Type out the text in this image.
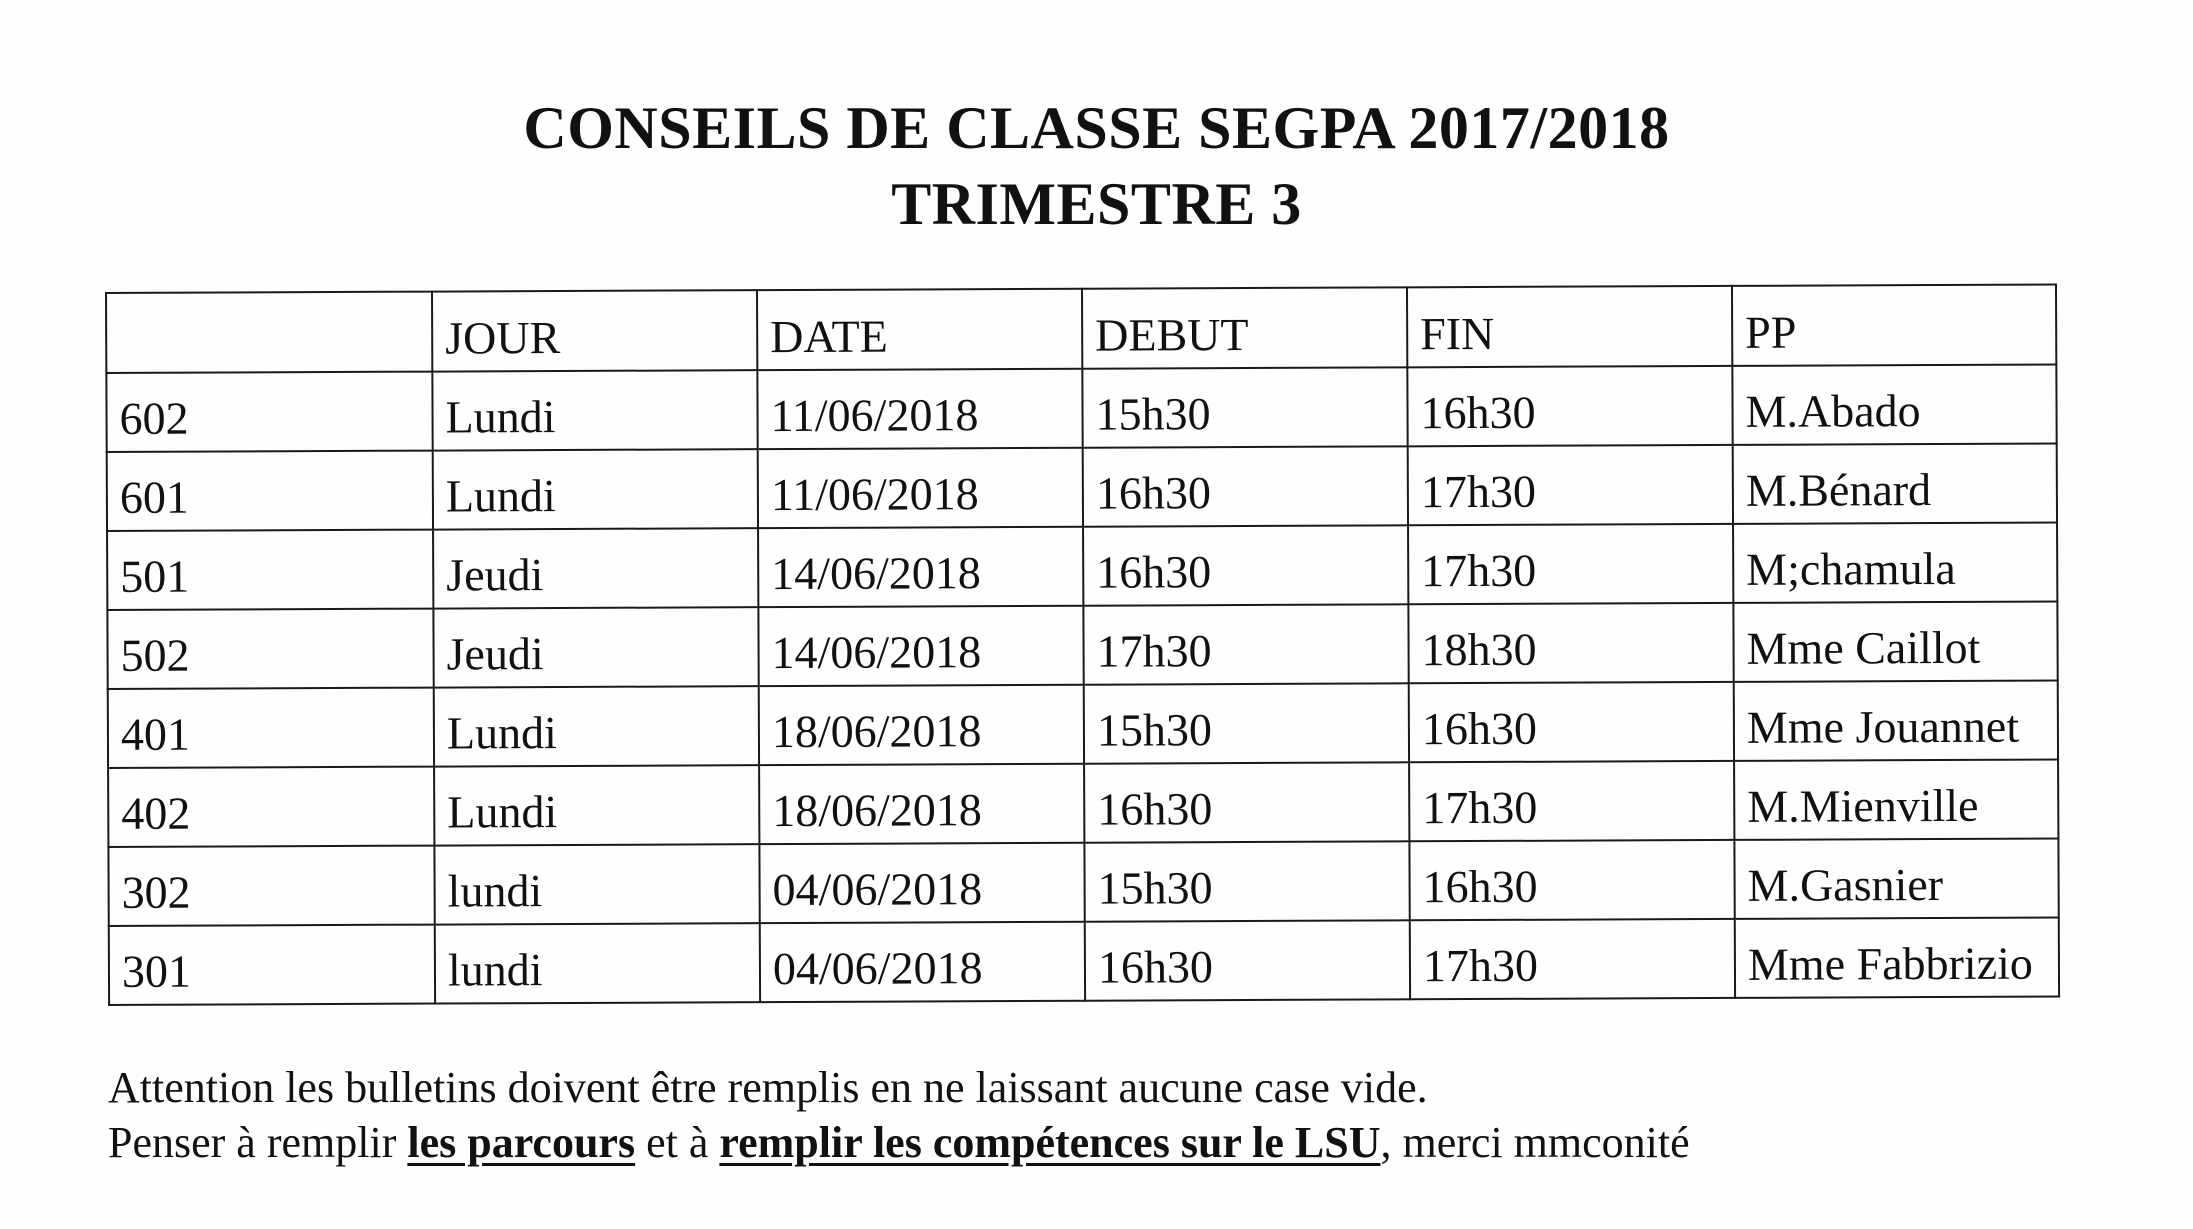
CONSEILS DE CLASSE SEGPA 2017/2018
TRIMESTRE 3
	JOUR	DATE	DEBUT	FIN	PP
602	Lundi	11/06/2018	15h30	16h30	M.Abado
601	Lundi	11/06/2018	16h30	17h30	M.Bénard
501	Jeudi	14/06/2018	16h30	17h30	M;chamula
502	Jeudi	14/06/2018	17h30	18h30	Mme Caillot
401	Lundi	18/06/2018	15h30	16h30	Mme Jouannet
402	Lundi	18/06/2018	16h30	17h30	M.Mienville
302	lundi	04/06/2018	15h30	16h30	M.Gasnier
301	lundi	04/06/2018	16h30	17h30	Mme Fabbrizio
Attention les bulletins doivent être remplis en ne laissant aucune case vide.
Penser à remplir les parcours et à remplir les compétences sur le LSU, merci mmconité
